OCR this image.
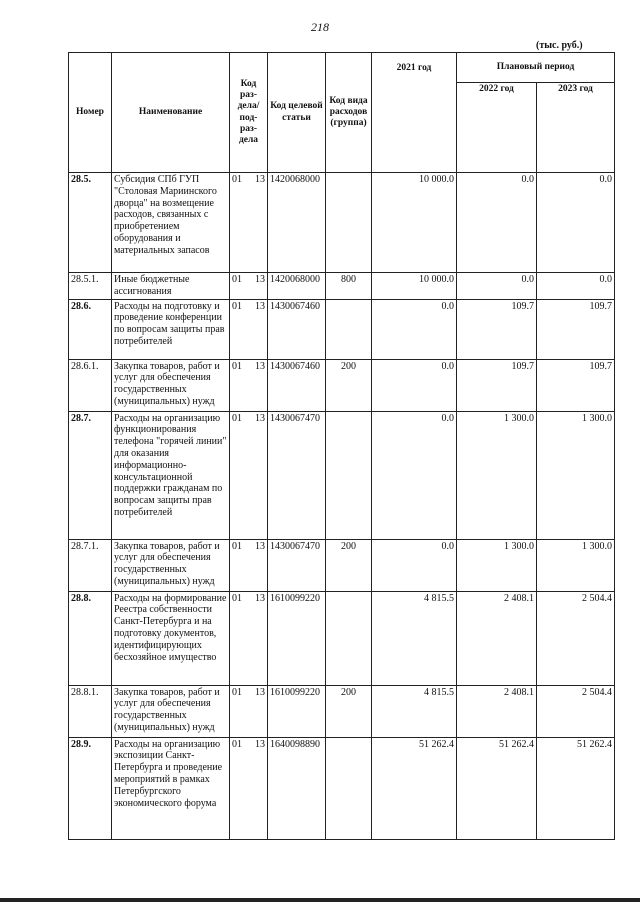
218
(тыс. руб.)
Номер	Наименование	Код раз-дела/ под-раз-дела	Код целевой статьи	Код вида расходов (группа)	2021 год	Плановый период	
						2022 год	2023 год
28.5.	Субсидия СПб ГУП "Столовая Мариинского дворца" на возмещение расходов, связанных с приобретением оборудования и материальных запасов	01 13	1420068000		10 000.0	0.0	0.0
28.5.1.	Иные бюджетные ассигнования	01 13	1420068000	800	10 000.0	0.0	0.0
28.6.	Расходы на подготовку и проведение конференции по вопросам защиты прав потребителей	01 13	1430067460		0.0	109.7	109.7
28.6.1.	Закупка товаров, работ и услуг для обеспечения государственных (муниципальных) нужд	01 13	1430067460	200	0.0	109.7	109.7
28.7.	Расходы на организацию функционирования телефона "горячей линии" для оказания информационно-консультационной поддержки гражданам по вопросам защиты прав потребителей	01 13	1430067470		0.0	1 300.0	1 300.0
28.7.1.	Закупка товаров, работ и услуг для обеспечения государственных (муниципальных) нужд	01 13	1430067470	200	0.0	1 300.0	1 300.0
28.8.	Расходы на формирование Реестра собственности Санкт-Петербурга и на подготовку документов, идентифицирующих бесхозяйное имущество	01 13	1610099220		4 815.5	2 408.1	2 504.4
28.8.1.	Закупка товаров, работ и услуг для обеспечения государственных (муниципальных) нужд	01 13	1610099220	200	4 815.5	2 408.1	2 504.4
28.9.	Расходы на организацию экспозиции Санкт-Петербурга и проведение мероприятий в рамках Петербургского экономического форума	01 13	1640098890		51 262.4	51 262.4	51 262.4
